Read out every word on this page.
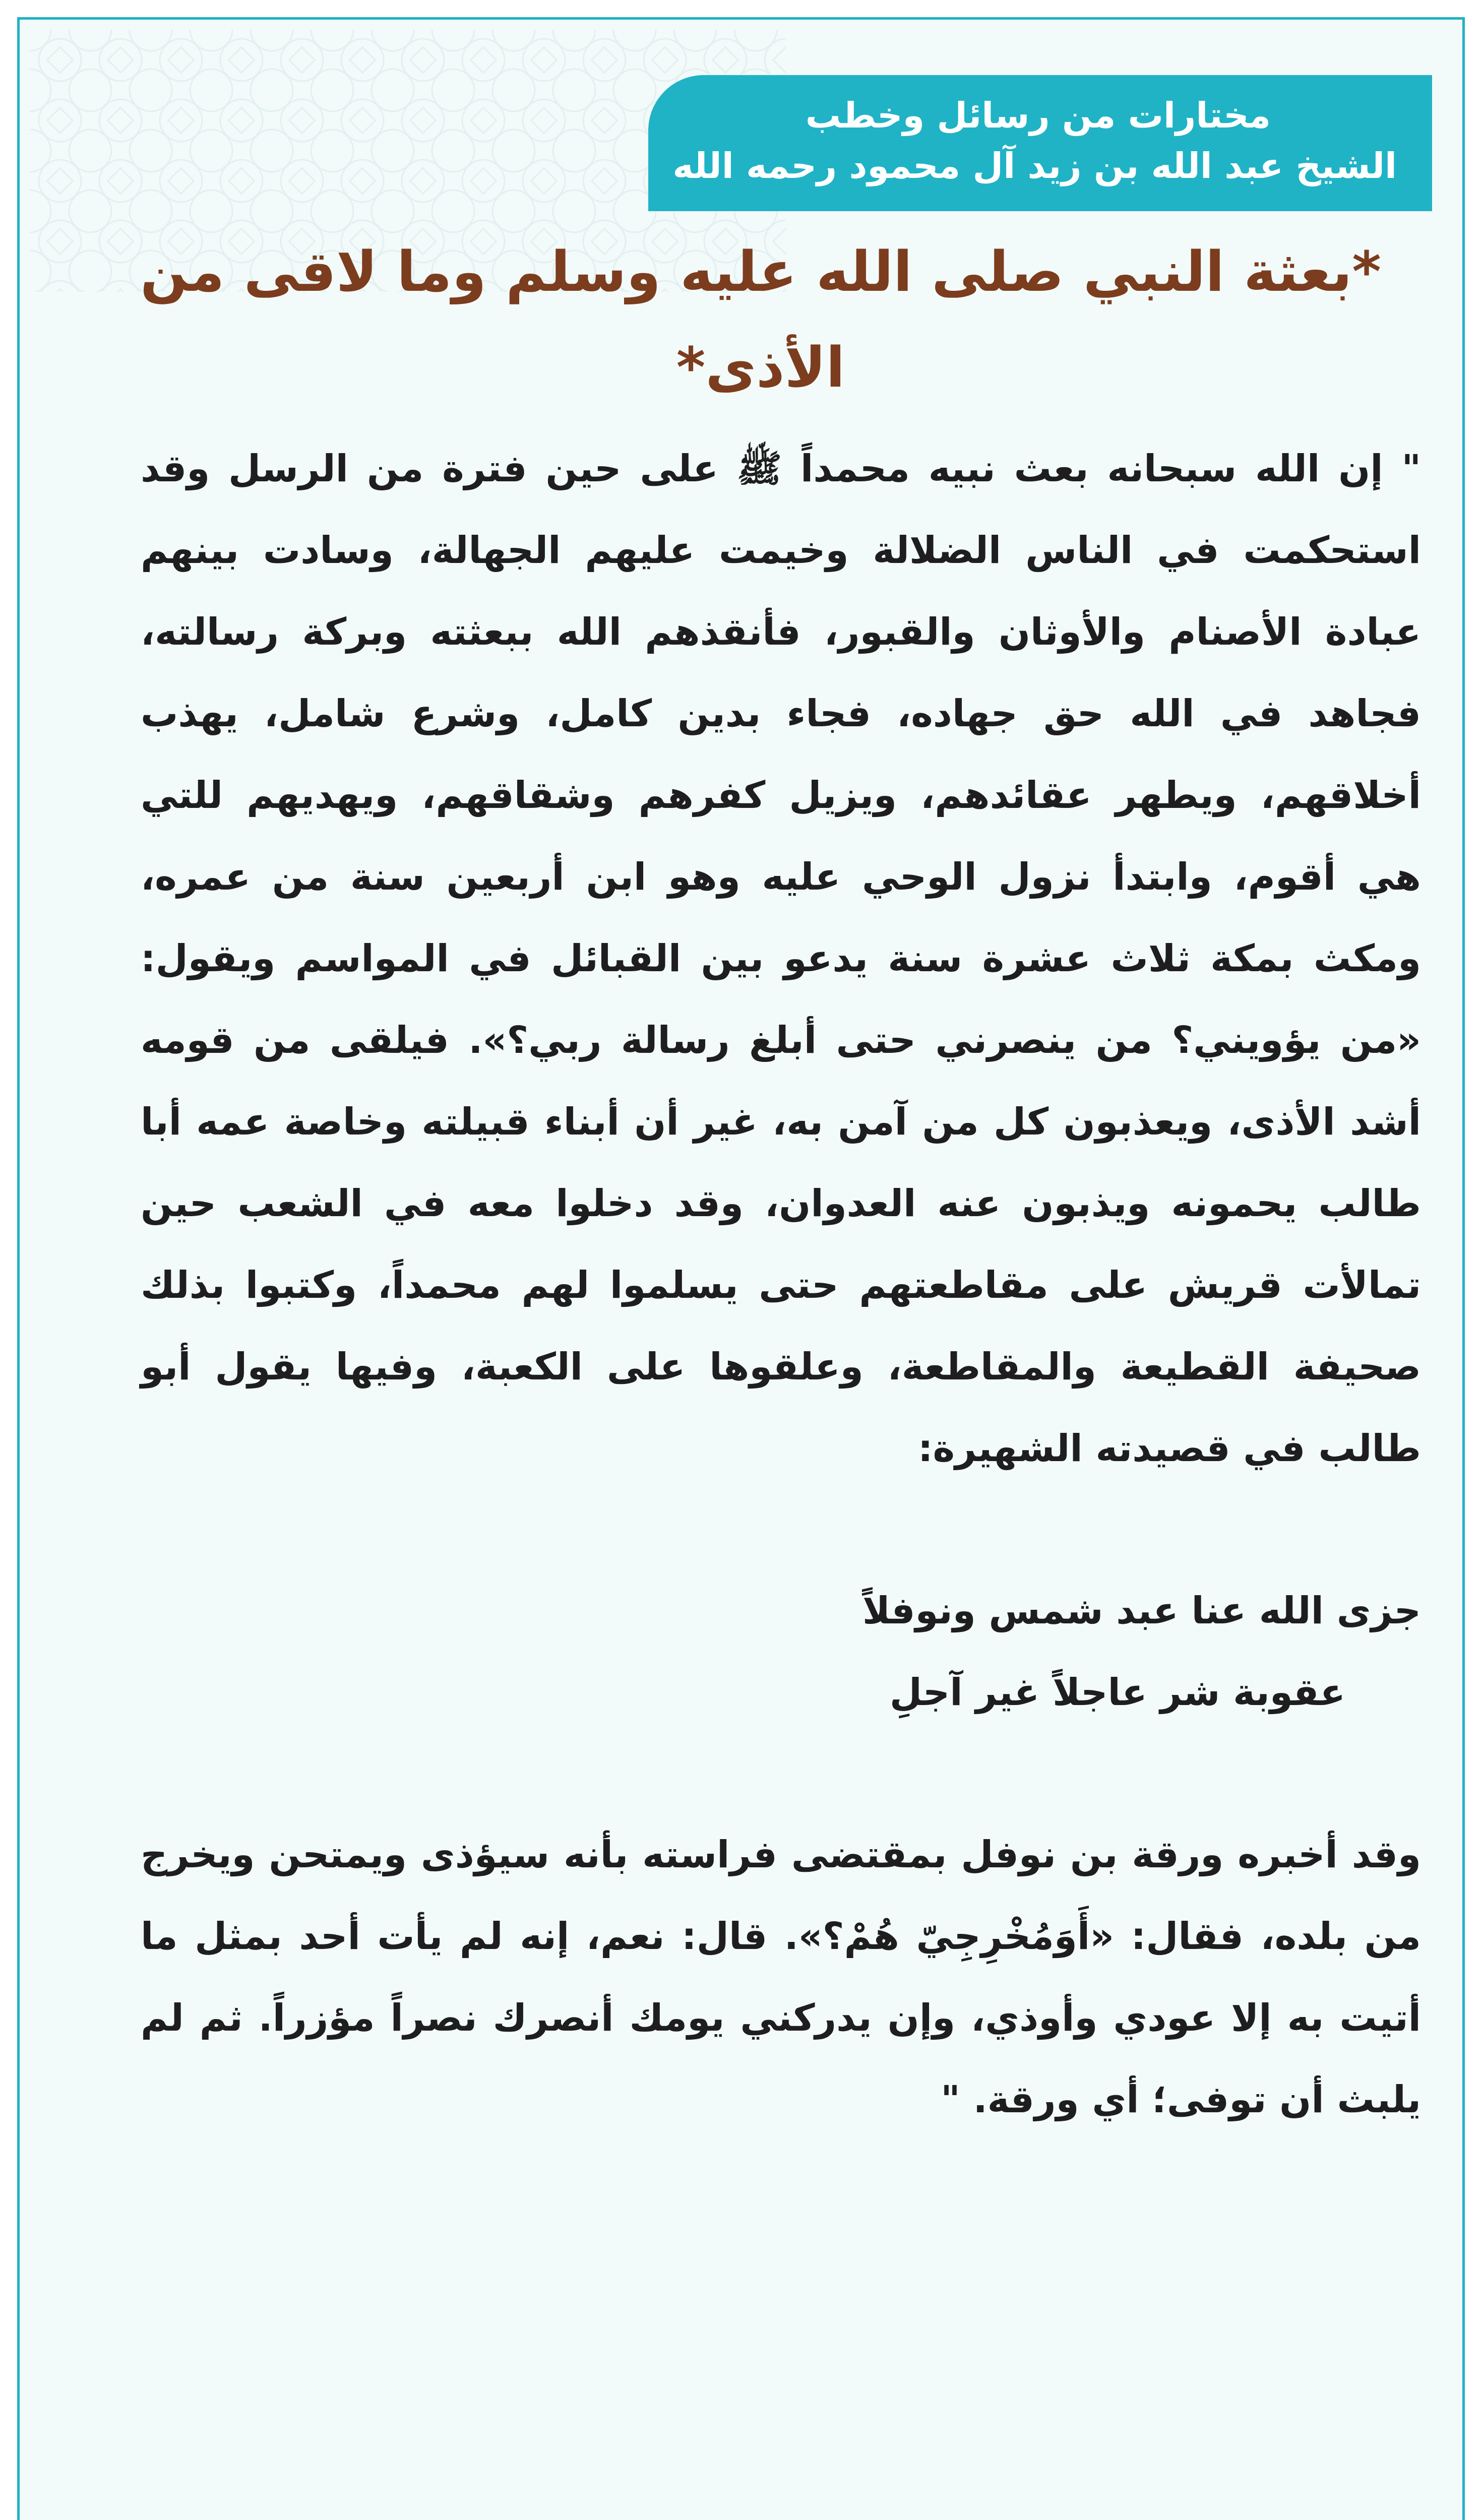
مختارات من رسائل وخطب
الشيخ عبد الله بن زيد آل محمود رحمه الله
*بعثة النبي صلى الله عليه وسلم وما لاقى من الأذى*

" إن الله سبحانه بعث نبيه محمداً ﷺ على حين فترة من الرسل وقد استحكمت في الناس الضلالة وخيمت عليهم الجهالة، وسادت بينهم عبادة الأصنام والأوثان والقبور، فأنقذهم الله ببعثته وبركة رسالته، فجاهد في الله حق جهاده، فجاء بدين كامل، وشرع شامل، يهذب أخلاقهم، ويطهر عقائدهم، ويزيل كفرهم وشقاقهم، ويهديهم للتي هي أقوم، وابتدأ نزول الوحي عليه وهو ابن أربعين سنة من عمره، ومكث بمكة ثلاث عشرة سنة يدعو بين القبائل في المواسم ويقول: «من يؤويني؟ من ينصرني حتى أبلغ رسالة ربي؟». فيلقى من قومه أشد الأذى، ويعذبون كل من آمن به، غير أن أبناء قبيلته وخاصة عمه أبا طالب يحمونه ويذبون عنه العدوان، وقد دخلوا معه في الشعب حين تمالأت قريش على مقاطعتهم حتى يسلموا لهم محمداً، وكتبوا بذلك صحيفة القطيعة والمقاطعة، وعلقوها على الكعبة، وفيها يقول أبو طالب في قصيدته الشهيرة:

جزى الله عنا عبد شمس ونوفلاً
عقوبة شر عاجلاً غير آجلِ

وقد أخبره ورقة بن نوفل بمقتضى فراسته بأنه سيؤذى ويمتحن ويخرج من بلده، فقال: «أَوَمُخْرِجِيّ هُمْ؟». قال: نعم، إنه لم يأت أحد بمثل ما أتيت به إلا عودي وأوذي، وإن يدركني يومك أنصرك نصراً مؤزراً. ثم لم يلبث أن توفى؛ أي ورقة. "
